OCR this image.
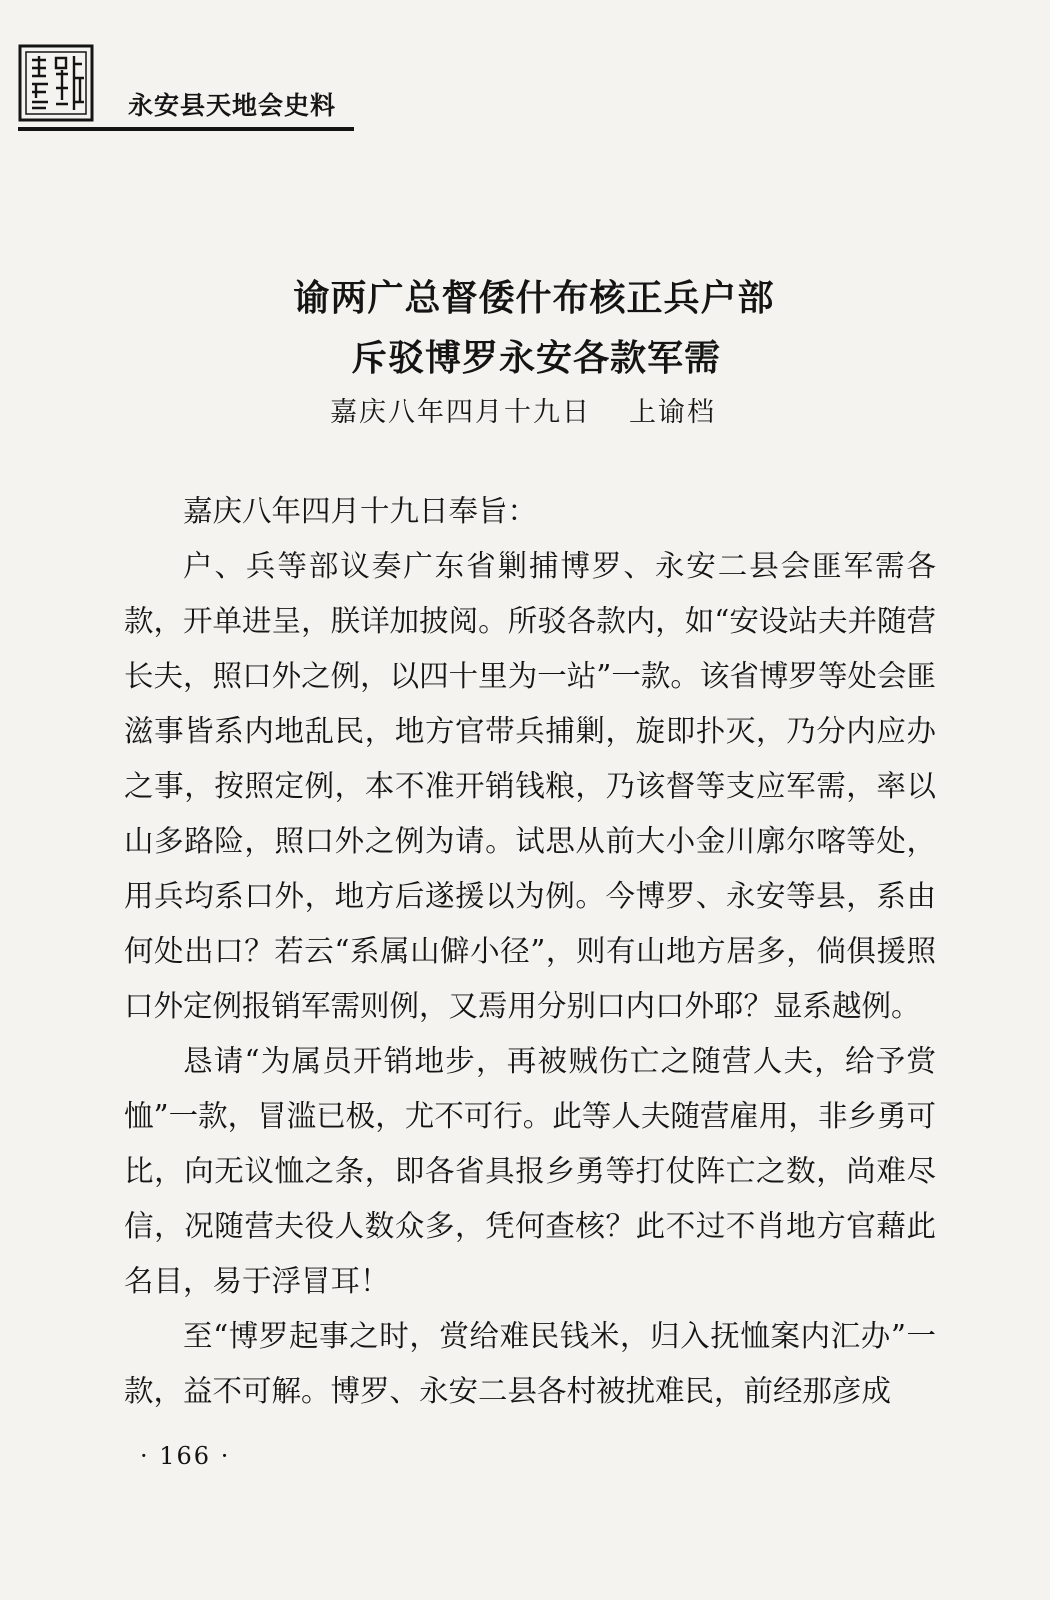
永安县天地会史料
谕两广总督倭什布核正兵户部
斥驳博罗永安各款军需
嘉庆八年四月十九日 上谕档

嘉庆八年四月十九日奉旨：

户、兵等部议奏广东省剿捕博罗、永安二县会匪军需各款，开单进呈，朕详加披阅。所驳各款内，如“安设站夫并随营长夫，照口外之例，以四十里为一站”一款。该省博罗等处会匪滋事皆系内地乱民，地方官带兵捕剿，旋即扑灭，乃分内应办之事，按照定例，本不准开销钱粮，乃该督等支应军需，率以山多路险，照口外之例为请。试思从前大小金川廓尔喀等处，用兵均系口外，地方后遂援以为例。今博罗、永安等县，系由何处出口？若云“系属山僻小径”，则有山地方居多，倘俱援照口外定例报销军需则例，又焉用分别口内口外耶？显系越例。

恳请“为属员开销地步，再被贼伤亡之随营人夫，给予赏恤”一款，冒滥已极，尤不可行。此等人夫随营雇用，非乡勇可比，向无议恤之条，即各省具报乡勇等打仗阵亡之数，尚难尽信，况随营夫役人数众多，凭何查核？此不过不肖地方官藉此名目，易于浮冒耳！

至“博罗起事之时，赏给难民钱米，归入抚恤案内汇办”一款，益不可解。博罗、永安二县各村被扰难民，前经那彦成

· 166 ·
